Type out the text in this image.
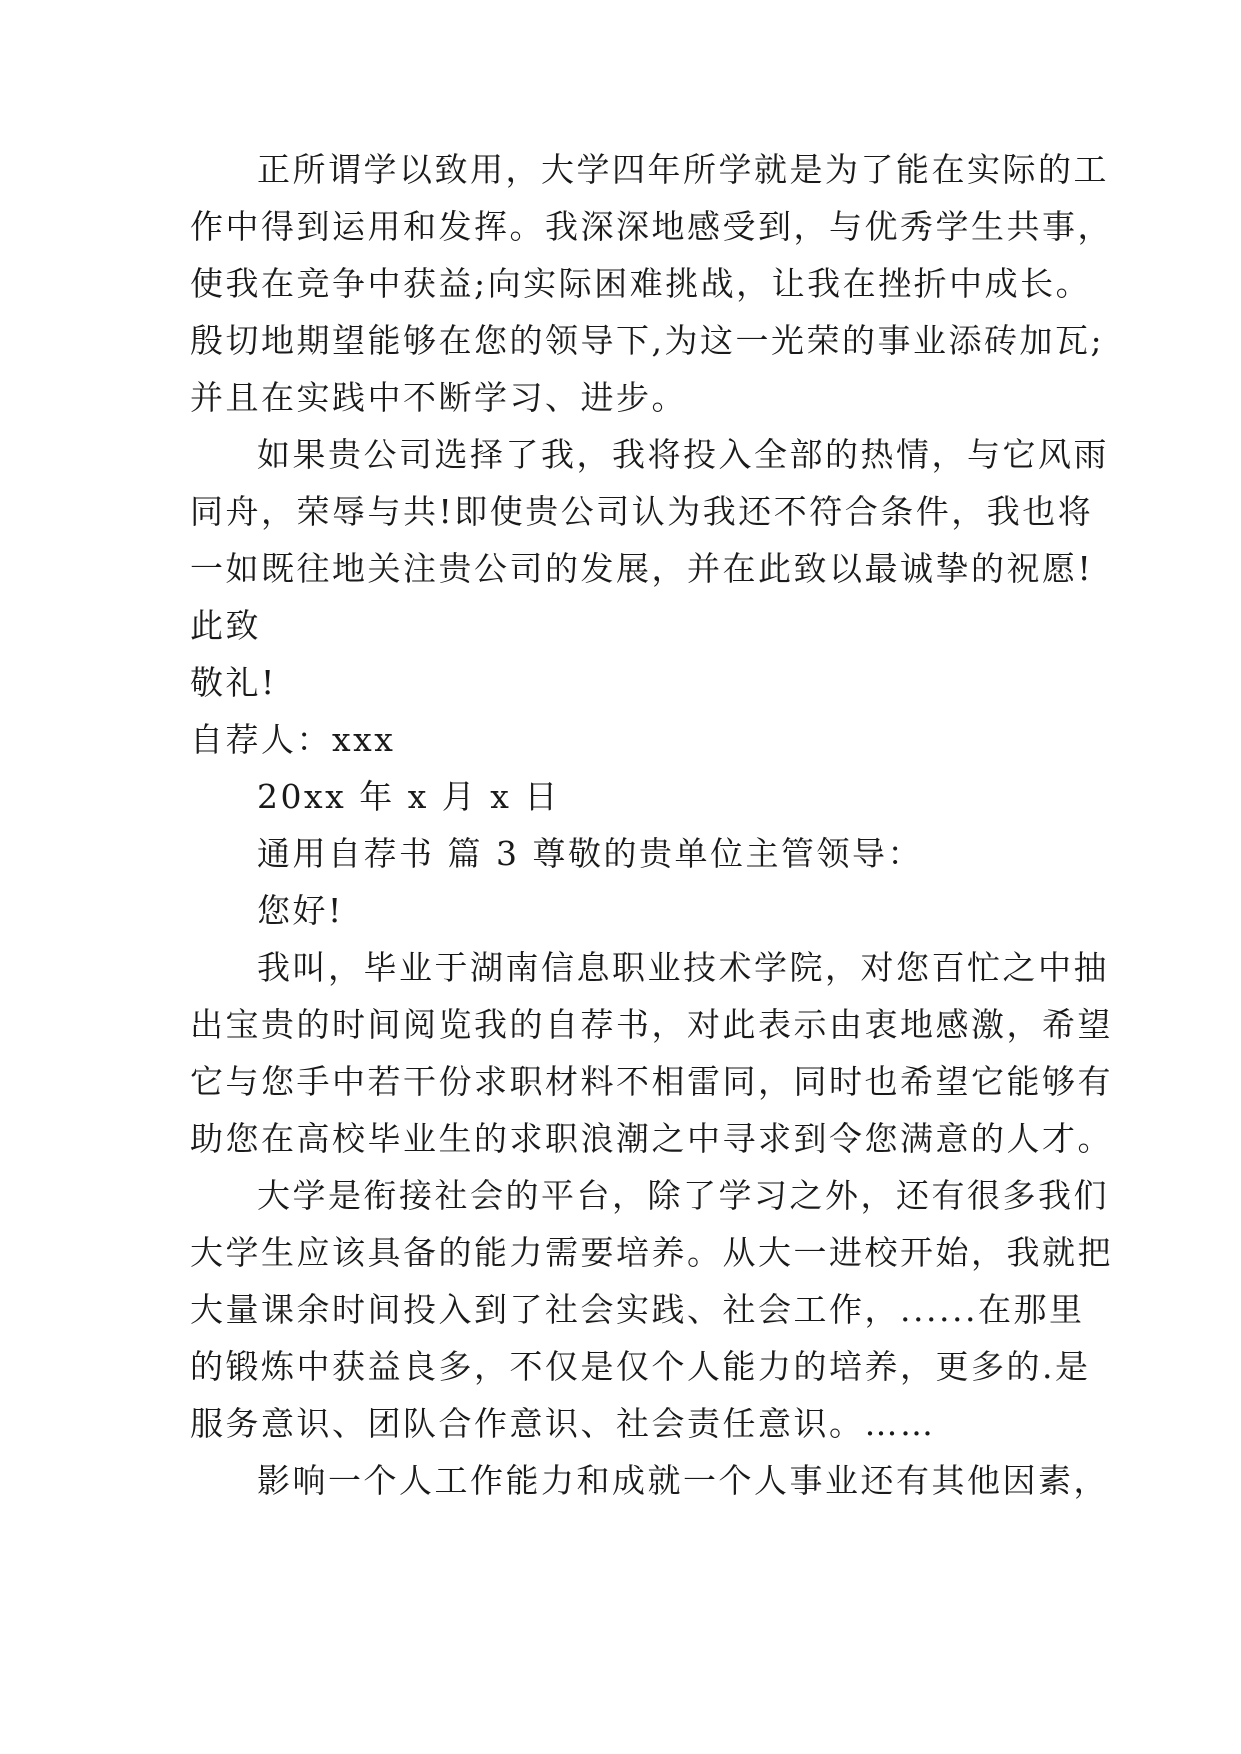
正所谓学以致用，大学四年所学就是为了能在实际的工

作中得到运用和发挥。我深深地感受到，与优秀学生共事，

使我在竞争中获益;向实际困难挑战，让我在挫折中成长。

殷切地期望能够在您的领导下,为这一光荣的事业添砖加瓦;

并且在实践中不断学习、进步。

如果贵公司选择了我，我将投入全部的热情，与它风雨

同舟，荣辱与共!即使贵公司认为我还不符合条件，我也将

一如既往地关注贵公司的发展，并在此致以最诚挚的祝愿!

此致

敬礼!

自荐人：xxx

20xx 年 x 月 x 日

通用自荐书 篇 3 尊敬的贵单位主管领导：

您好!

我叫，毕业于湖南信息职业技术学院，对您百忙之中抽

出宝贵的时间阅览我的自荐书，对此表示由衷地感激，希望

它与您手中若干份求职材料不相雷同，同时也希望它能够有

助您在高校毕业生的求职浪潮之中寻求到令您满意的人才。

大学是衔接社会的平台，除了学习之外，还有很多我们

大学生应该具备的能力需要培养。从大一进校开始，我就把

大量课余时间投入到了社会实践、社会工作，......在那里

的锻炼中获益良多，不仅是仅个人能力的培养，更多的.是

服务意识、团队合作意识、社会责任意识。……

影响一个人工作能力和成就一个人事业还有其他因素，
